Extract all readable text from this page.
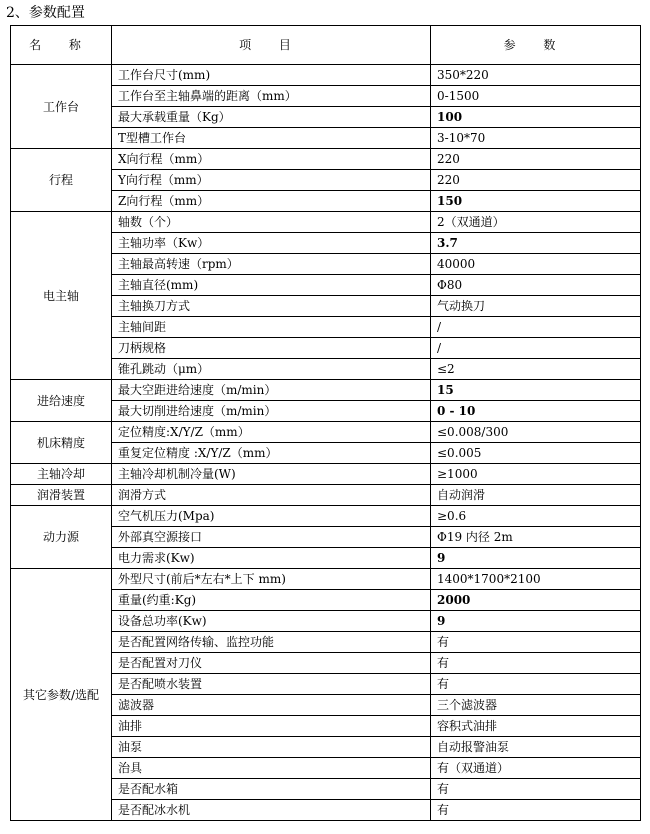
2、参数配置
名 称	项 目	参 数
工作台	工作台尺寸(mm)	350*220
	工作台至主轴鼻端的距离（mm）	0-1500
	最大承载重量（Kg）	100
	T型槽工作台	3-10*70
行程	X向行程（mm）	220
	Y向行程（mm）	220
	Z向行程（mm）	150
电主轴	轴数（个）	2（双通道）
	主轴功率（Kw）	3.7
	主轴最高转速（rpm）	40000
	主轴直径(mm)	Φ80
	主轴换刀方式	气动换刀
	主轴间距	/
	刀柄规格	/
	锥孔跳动（μm）	≤2
进给速度	最大空距进给速度（m/min）	15
	最大切削进给速度（m/min）	0 - 10
机床精度	定位精度:X/Y/Z（mm）	≤0.008/300
	重复定位精度 :X/Y/Z（mm）	≤0.005
主轴冷却	主轴冷却机制冷量(W)	≥1000
润滑装置	润滑方式	自动润滑
动力源	空气机压力(Mpa)	≥0.6
	外部真空源接口	Φ19 内径 2m
	电力需求(Kw)	9
其它参数/选配	外型尺寸(前后*左右*上下 mm)	1400*1700*2100
	重量(约重:Kg)	2000
	设备总功率(Kw)	9
	是否配置网络传输、监控功能	有
	是否配置对刀仪	有
	是否配喷水装置	有
	滤波器	三个滤波器
	油排	容积式油排
	油泵	自动报警油泵
	治具	有（双通道）
	是否配水箱	有
	是否配冰水机	有
